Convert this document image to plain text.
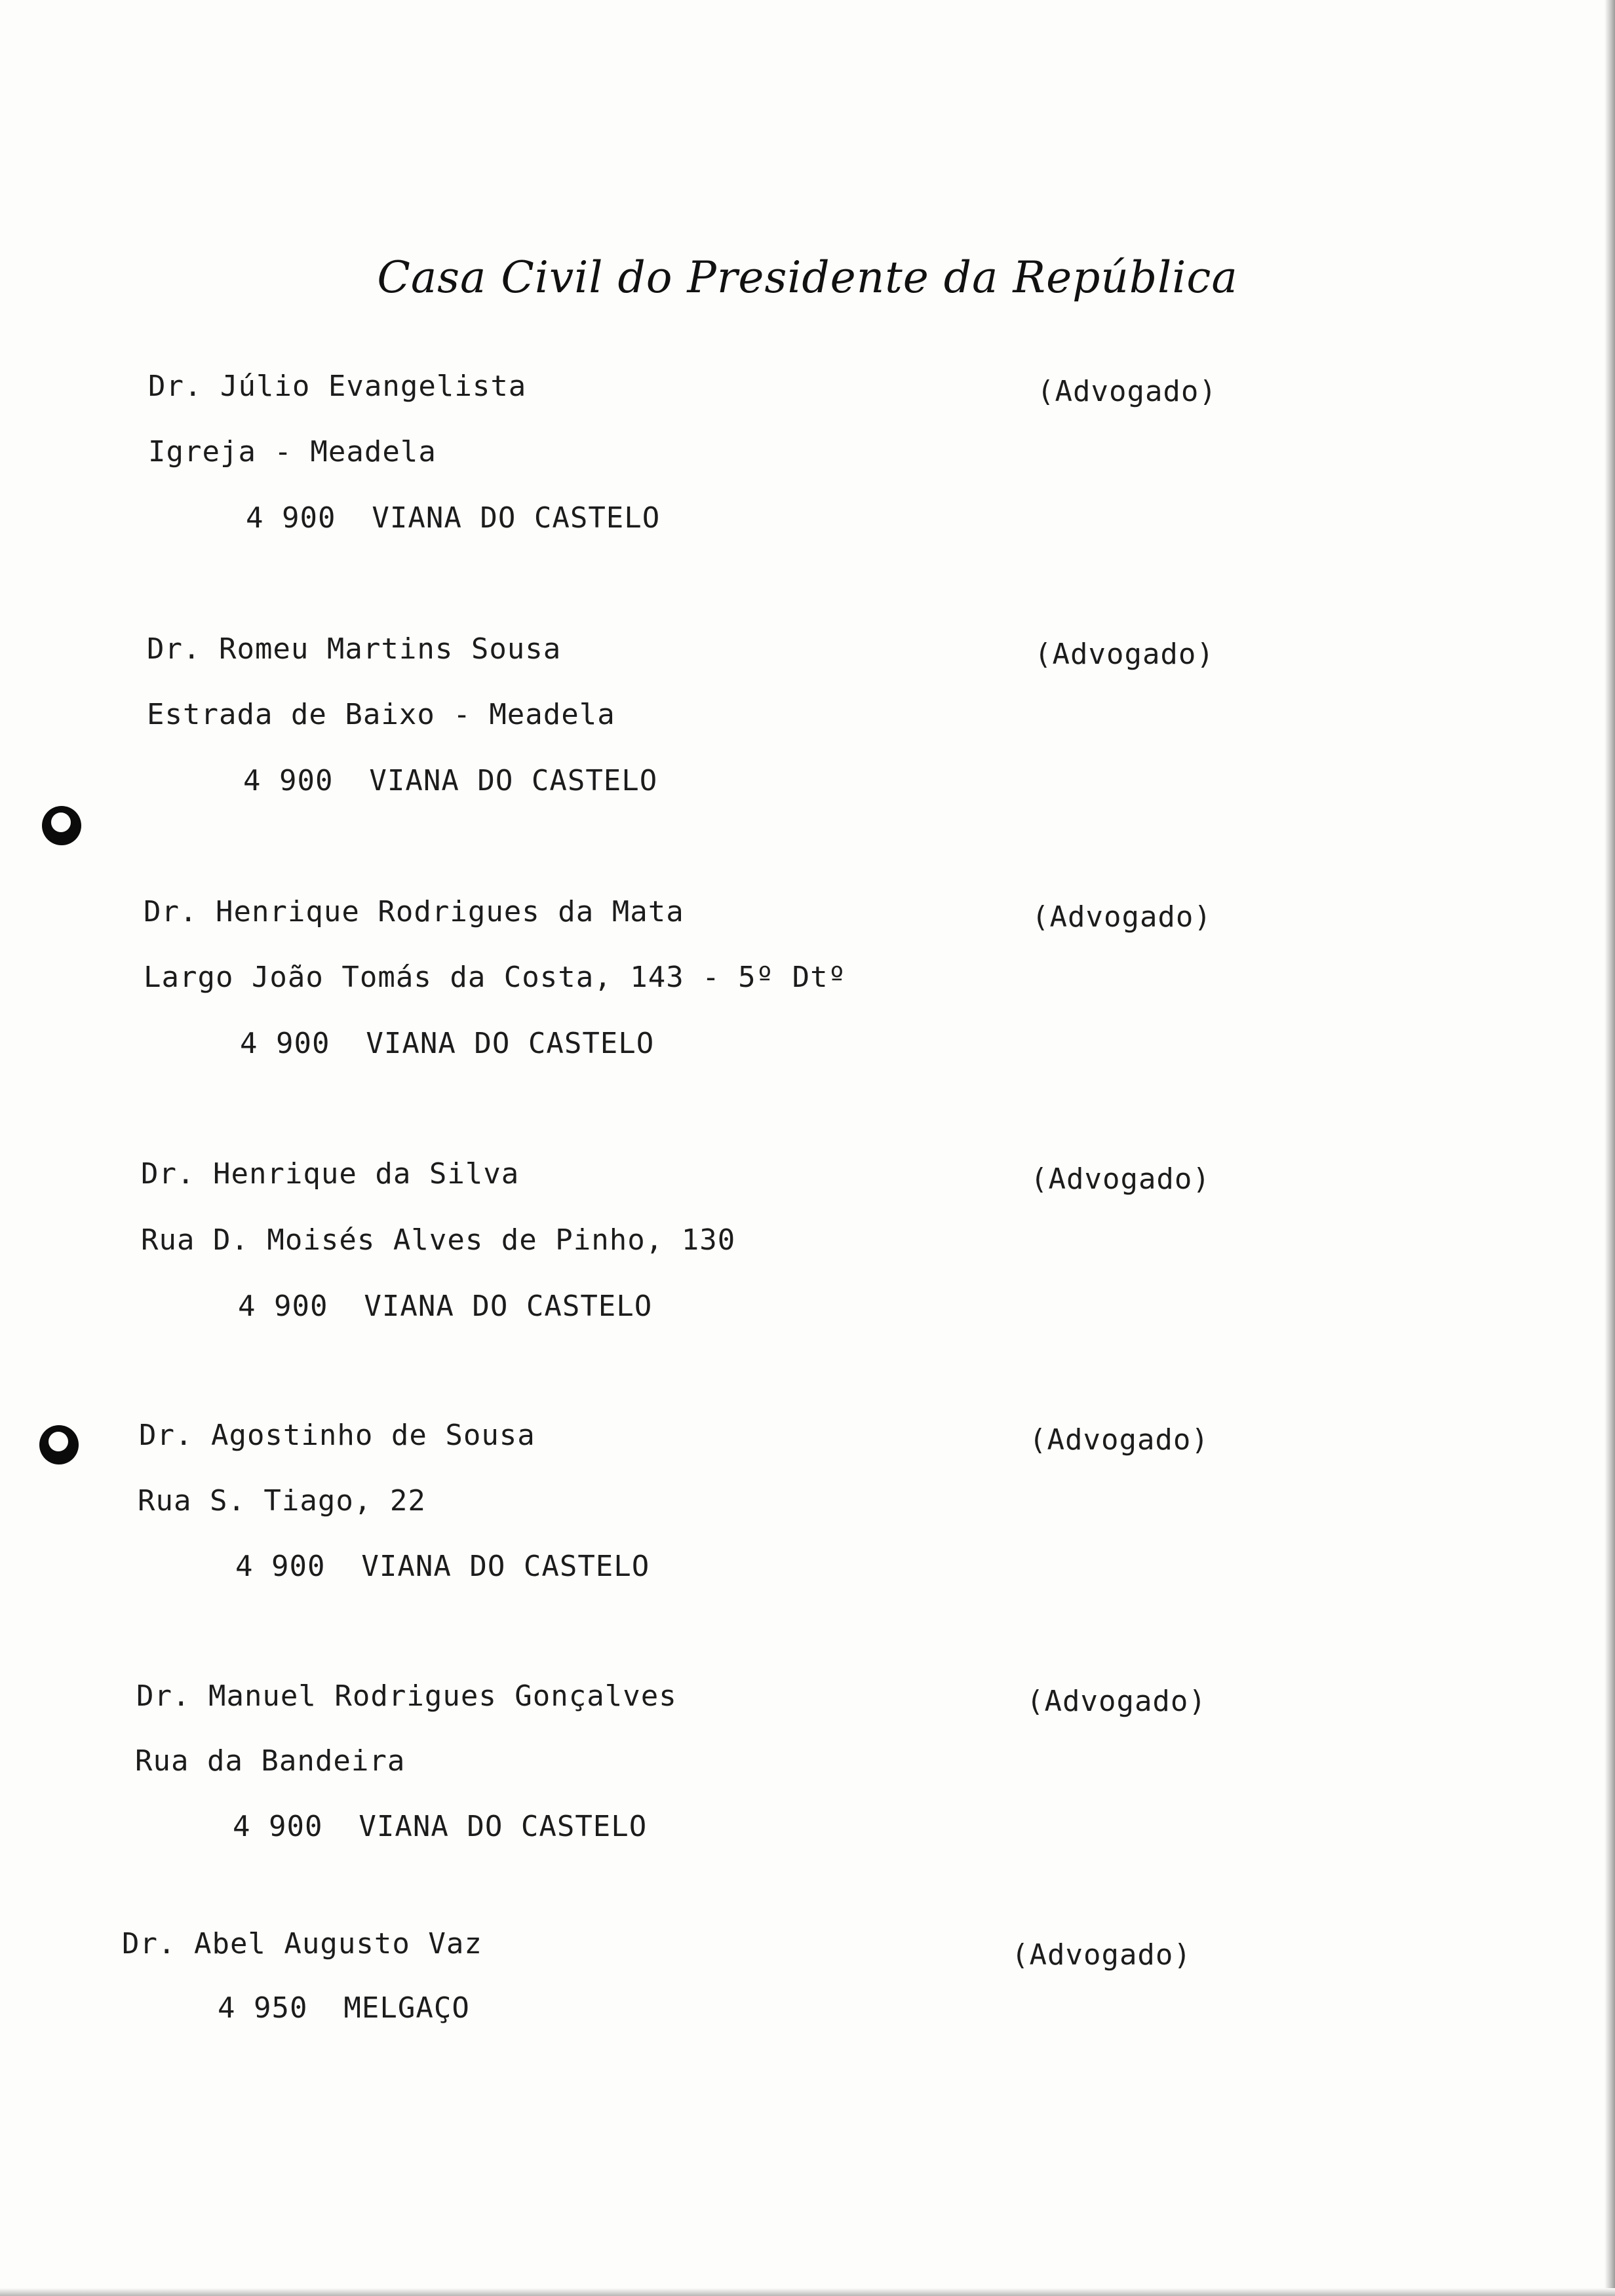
Casa Civil do Presidente da República
Dr. Júlio Evangelista	(Advogado)
Igreja - Meadela
4 900  VIANA DO CASTELO
Dr. Romeu Martins Sousa	(Advogado)
Estrada de Baixo - Meadela
4 900  VIANA DO CASTELO
Dr. Henrique Rodrigues da Mata	(Advogado)
Largo João Tomás da Costa, 143 - 5º Dtº
4 900  VIANA DO CASTELO
Dr. Henrique da Silva	(Advogado)
Rua D. Moisés Alves de Pinho, 130
4 900  VIANA DO CASTELO
Dr. Agostinho de Sousa	(Advogado)
Rua S. Tiago, 22
4 900  VIANA DO CASTELO
Dr. Manuel Rodrigues Gonçalves	(Advogado)
Rua da Bandeira
4 900  VIANA DO CASTELO
Dr. Abel Augusto Vaz	(Advogado)
4 950  MELGAÇO
